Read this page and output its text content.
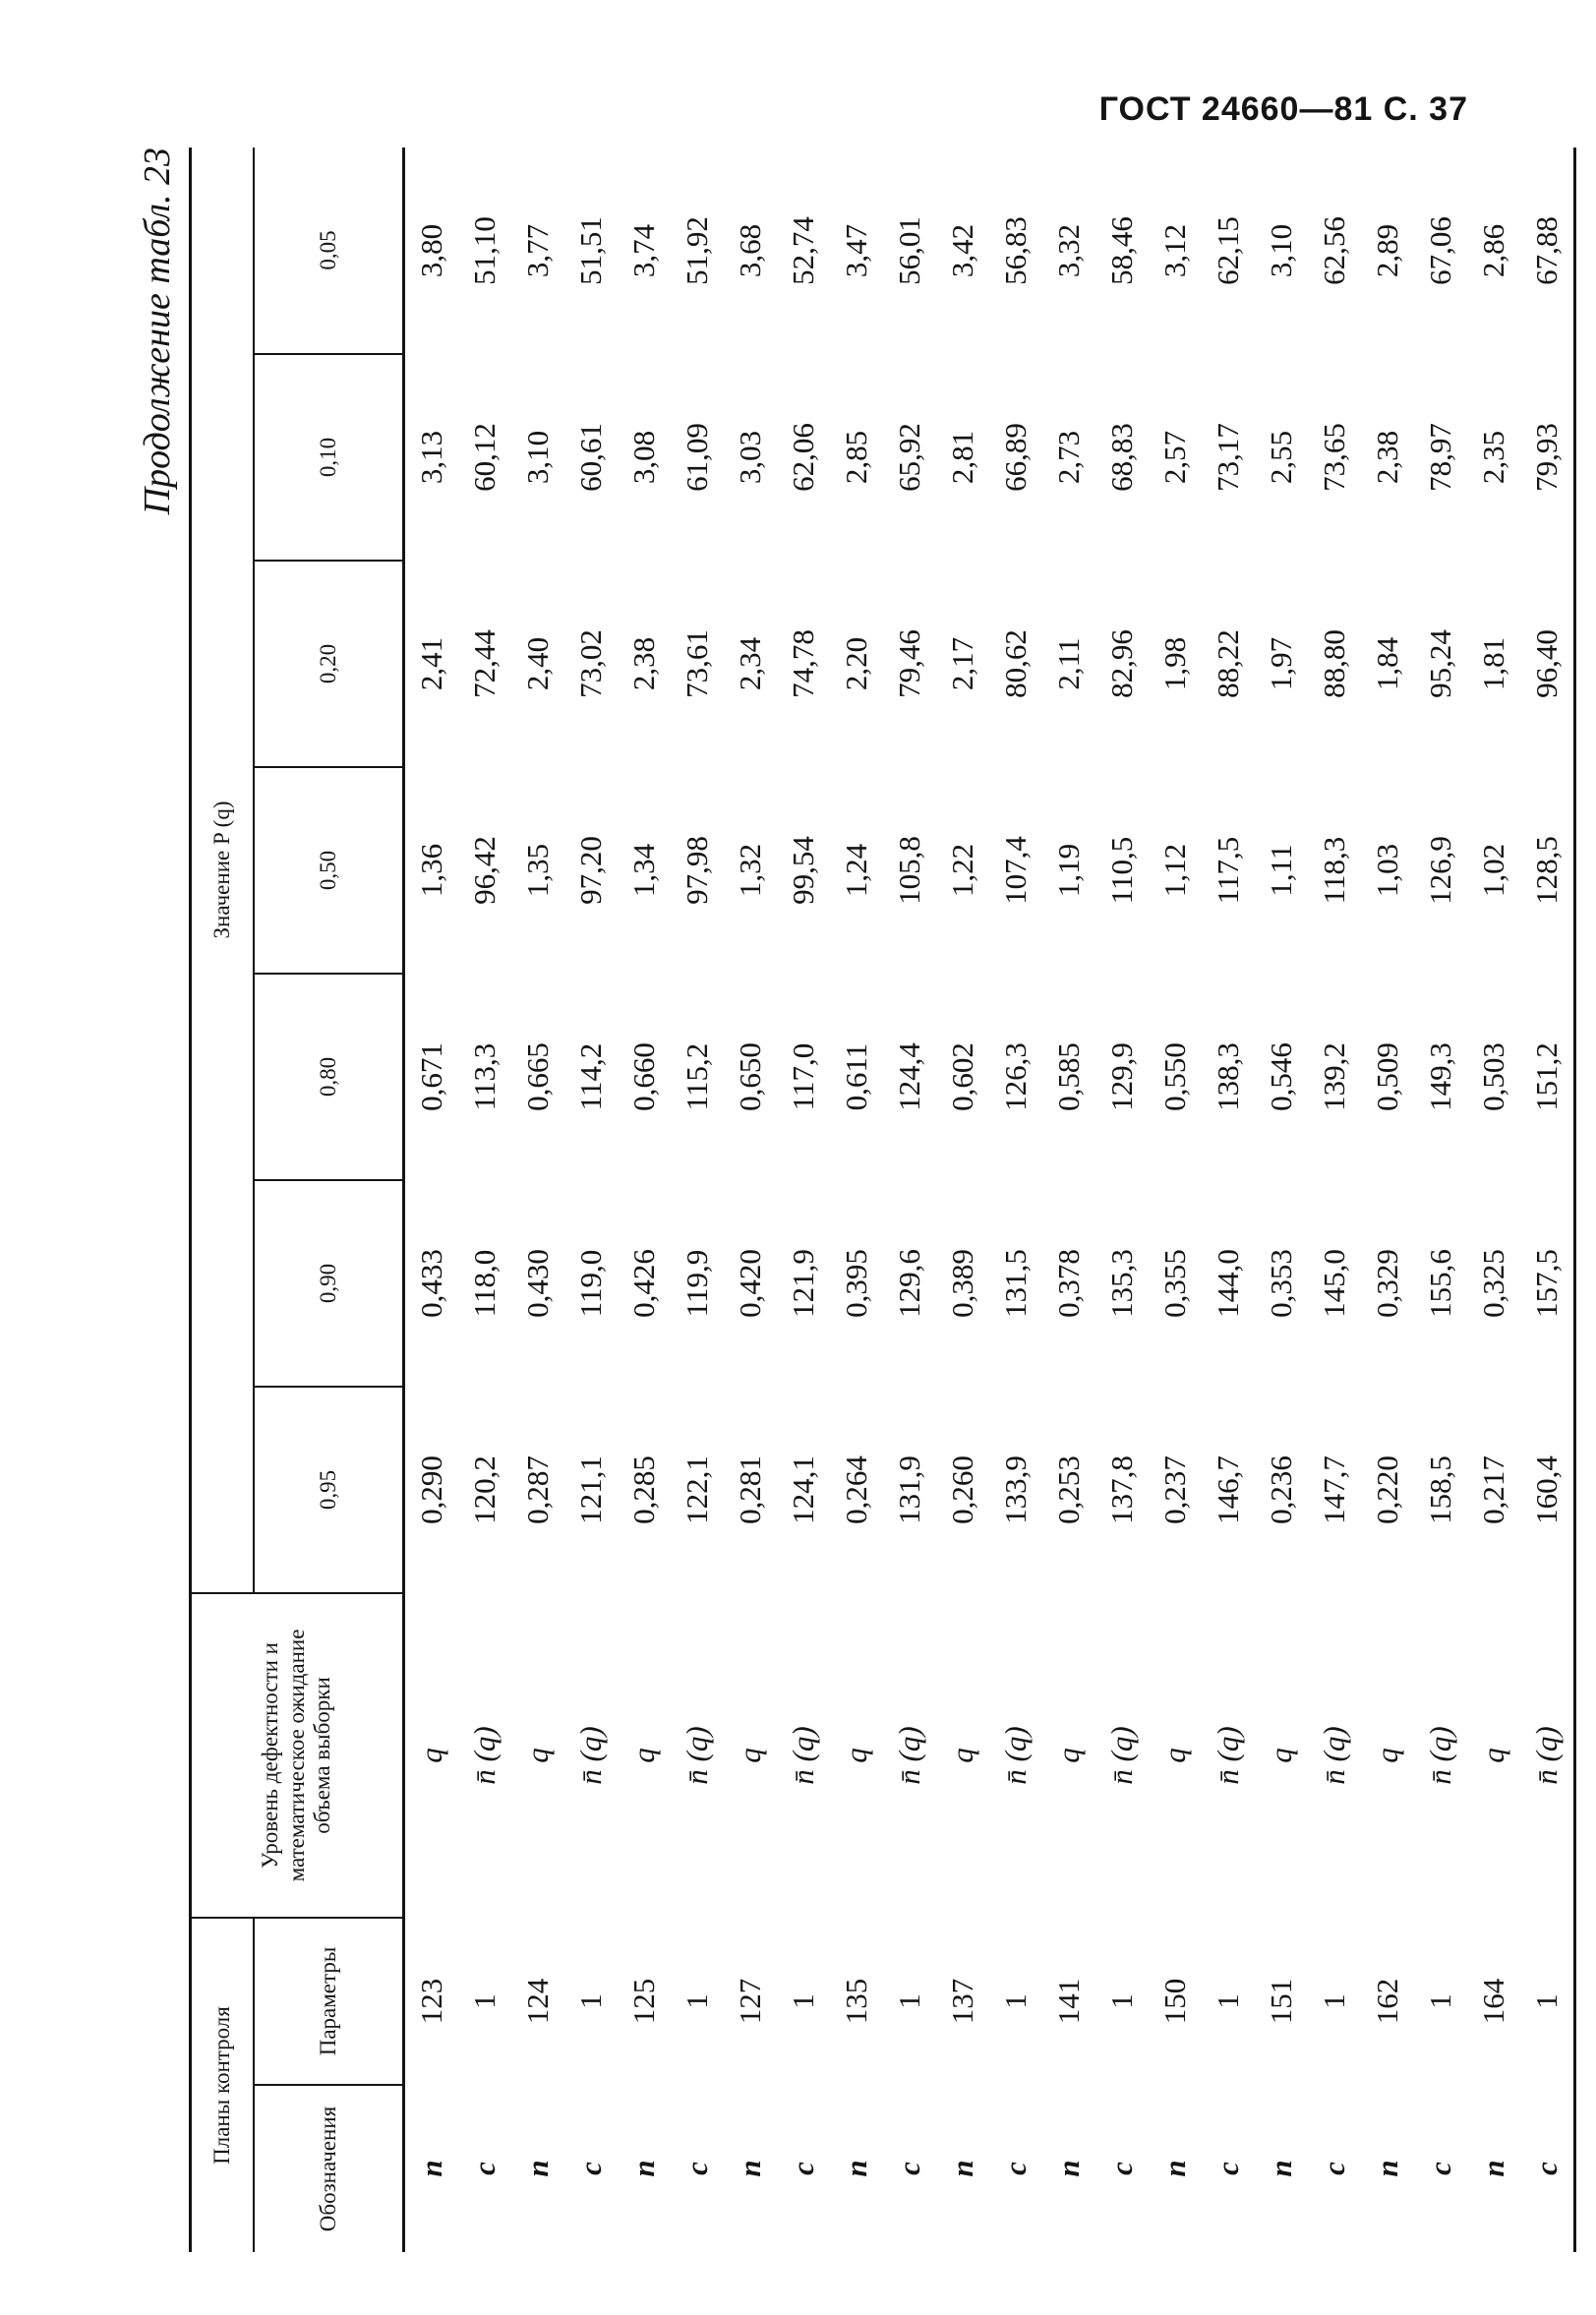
ГОСТ 24660—81 С. 37
Продолжение табл. 23
Планы контроля		Уровень дефектности и математическое ожидание объема выборки	Значение P (q)						
Обозначения	Параметры		0,95	0,90	0,80	0,50	0,20	0,10	0,05
n	123	q	0,290	0,433	0,671	1,36	2,41	3,13	3,80
c	1	n̄ (q)	120,2	118,0	113,3	96,42	72,44	60,12	51,10
n	124	q	0,287	0,430	0,665	1,35	2,40	3,10	3,77
c	1	n̄ (q)	121,1	119,0	114,2	97,20	73,02	60,61	51,51
n	125	q	0,285	0,426	0,660	1,34	2,38	3,08	3,74
c	1	n̄ (q)	122,1	119,9	115,2	97,98	73,61	61,09	51,92
n	127	q	0,281	0,420	0,650	1,32	2,34	3,03	3,68
c	1	n̄ (q)	124,1	121,9	117,0	99,54	74,78	62,06	52,74
n	135	q	0,264	0,395	0,611	1,24	2,20	2,85	3,47
c	1	n̄ (q)	131,9	129,6	124,4	105,8	79,46	65,92	56,01
n	137	q	0,260	0,389	0,602	1,22	2,17	2,81	3,42
c	1	n̄ (q)	133,9	131,5	126,3	107,4	80,62	66,89	56,83
n	141	q	0,253	0,378	0,585	1,19	2,11	2,73	3,32
c	1	n̄ (q)	137,8	135,3	129,9	110,5	82,96	68,83	58,46
n	150	q	0,237	0,355	0,550	1,12	1,98	2,57	3,12
c	1	n̄ (q)	146,7	144,0	138,3	117,5	88,22	73,17	62,15
n	151	q	0,236	0,353	0,546	1,11	1,97	2,55	3,10
c	1	n̄ (q)	147,7	145,0	139,2	118,3	88,80	73,65	62,56
n	162	q	0,220	0,329	0,509	1,03	1,84	2,38	2,89
c	1	n̄ (q)	158,5	155,6	149,3	126,9	95,24	78,97	67,06
n	164	q	0,217	0,325	0,503	1,02	1,81	2,35	2,86
c	1	n̄ (q)	160,4	157,5	151,2	128,5	96,40	79,93	67,88
